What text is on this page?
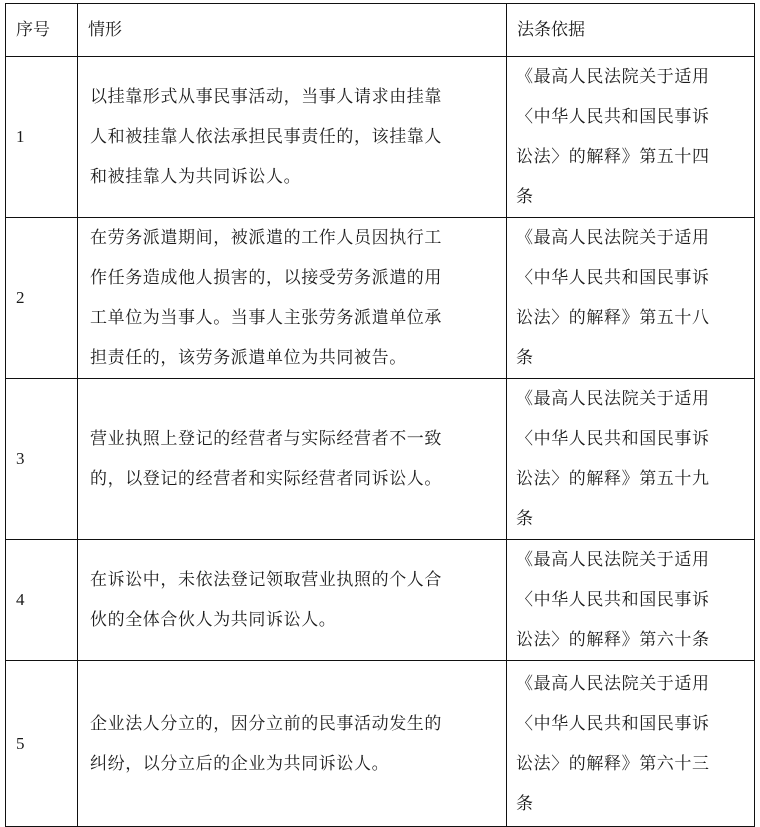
序号	情形	法条依据
1	以挂靠形式从事民事活动，当事人请求由挂靠
人和被挂靠人依法承担民事责任的，该挂靠人
和被挂靠人为共同诉讼人。	《最高人民法院关于适用
〈中华人民共和国民事诉
讼法〉的解释》第五十四
条

2	在劳务派遣期间，被派遣的工作人员因执行工
作任务造成他人损害的，以接受劳务派遣的用
工单位为当事人。当事人主张劳务派遣单位承
担责任的，该劳务派遣单位为共同被告。	《最高人民法院关于适用
〈中华人民共和国民事诉
讼法〉的解释》第五十八
条

3	营业执照上登记的经营者与实际经营者不一致
的，以登记的经营者和实际经营者同诉讼人。	《最高人民法院关于适用
〈中华人民共和国民事诉
讼法〉的解释》第五十九
条

4	在诉讼中，未依法登记领取营业执照的个人合
伙的全体合伙人为共同诉讼人。	《最高人民法院关于适用
〈中华人民共和国民事诉
讼法〉的解释》第六十条

5	企业法人分立的，因分立前的民事活动发生的
纠纷，以分立后的企业为共同诉讼人。	《最高人民法院关于适用
〈中华人民共和国民事诉
讼法〉的解释》第六十三
条
